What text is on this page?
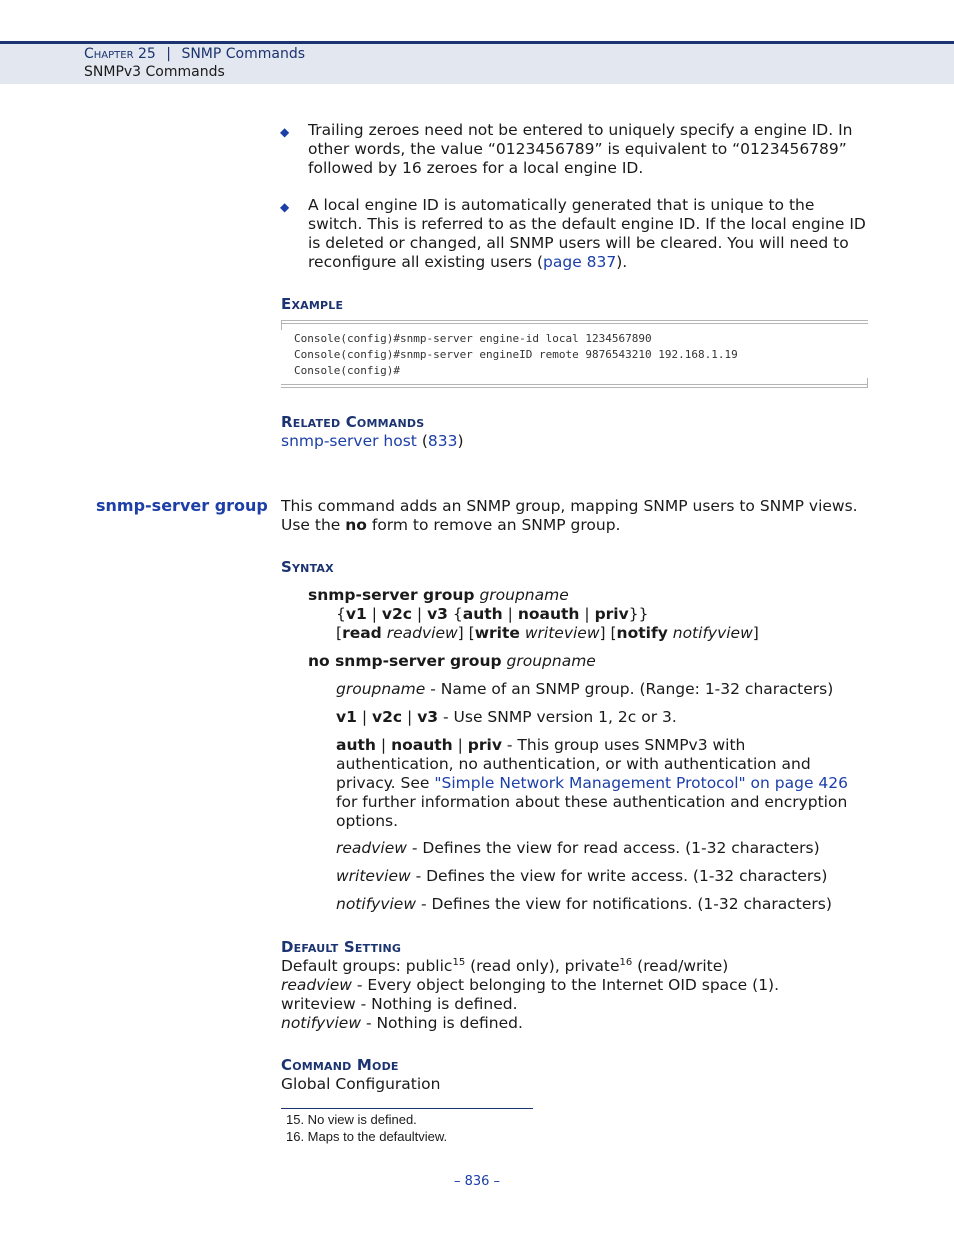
Chapter 25 | SNMP Commands
SNMPv3 Commands
◆	Trailing zeroes need not be entered to uniquely specify a engine ID. In other words, the value “0123456789” is equivalent to “0123456789” followed by 16 zeroes for a local engine ID.
◆	A local engine ID is automatically generated that is unique to the switch. This is referred to as the default engine ID. If the local engine ID is deleted or changed, all SNMP users will be cleared. You will need to reconfigure all existing users (page 837).
Example
Console(config)#snmp-server engine-id local 1234567890
Console(config)#snmp-server engineID remote 9876543210 192.168.1.19
Console(config)#
Related Commands
snmp-server host (833)
snmp-server group This command adds an SNMP group, mapping SNMP users to SNMP views. Use the no form to remove an SNMP group.
Syntax
snmp-server group groupname
{v1 | v2c | v3 {auth | noauth | priv}}
[read readview] [write writeview] [notify notifyview]
no snmp-server group groupname
groupname - Name of an SNMP group. (Range: 1-32 characters)
v1 | v2c | v3 - Use SNMP version 1, 2c or 3.
auth | noauth | priv - This group uses SNMPv3 with authentication, no authentication, or with authentication and privacy. See "Simple Network Management Protocol" on page 426 for further information about these authentication and encryption options.
readview - Defines the view for read access. (1-32 characters)
writeview - Defines the view for write access. (1-32 characters)
notifyview - Defines the view for notifications. (1-32 characters)
Default Setting
Default groups: public$^{15}$ (read only), private$^{16}$ (read/write)
readview - Every object belonging to the Internet OID space (1).
writeview - Nothing is defined.
notifyview - Nothing is defined.
Command Mode
Global Configuration
15. No view is defined.
16. Maps to the defaultview.
– 836 –
